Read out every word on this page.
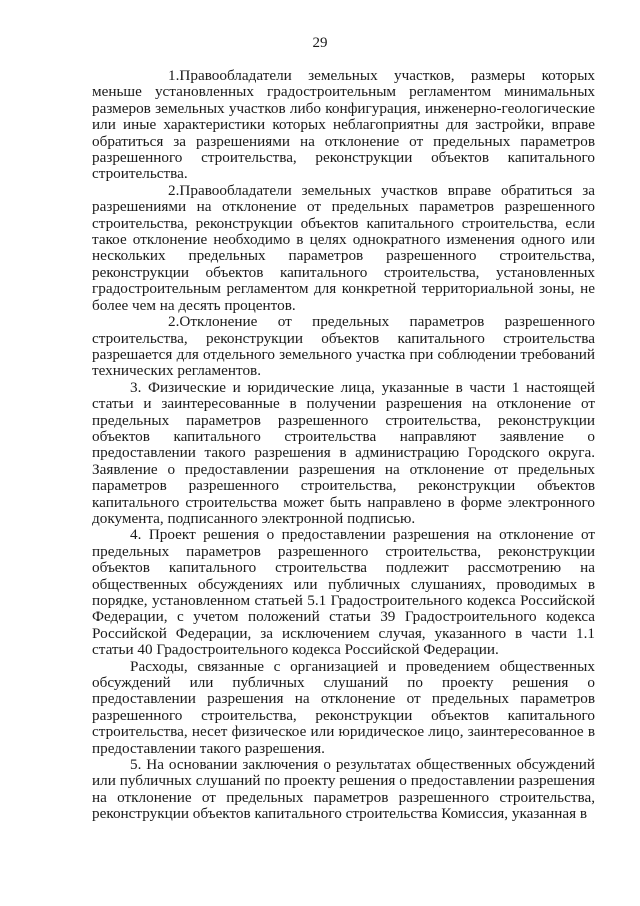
29

1.Правообладатели земельных участков, размеры которых меньше установленных градостроительным регламентом минимальных размеров земельных участков либо конфигурация, инженерно-геологические или иные характеристики которых неблагоприятны для застройки, вправе обратиться за разрешениями на отклонение от предельных параметров разрешенного строительства, реконструкции объектов капитального строительства.

2.Правообладатели земельных участков вправе обратиться за разрешениями на отклонение от предельных параметров разрешенного строительства, реконструкции объектов капитального строительства, если такое отклонение необходимо в целях однократного изменения одного или нескольких предельных параметров разрешенного строительства, реконструкции объектов капитального строительства, установленных градостроительным регламентом для конкретной территориальной зоны, не более чем на десять процентов.

2.Отклонение от предельных параметров разрешенного строительства, реконструкции объектов капитального строительства разрешается для отдельного земельного участка при соблюдении требований технических регламентов.

3. Физические и юридические лица, указанные в части 1 настоящей статьи и заинтересованные в получении разрешения на отклонение от предельных параметров разрешенного строительства, реконструкции объектов капитального строительства направляют заявление о предоставлении такого разрешения в администрацию Городского округа. Заявление о предоставлении разрешения на отклонение от предельных параметров разрешенного строительства, реконструкции объектов капитального строительства может быть направлено в форме электронного документа, подписанного электронной подписью.

4. Проект решения о предоставлении разрешения на отклонение от предельных параметров разрешенного строительства, реконструкции объектов капитального строительства подлежит рассмотрению на общественных обсуждениях или публичных слушаниях, проводимых в порядке, установленном статьей 5.1 Градостроительного кодекса Российской Федерации, с учетом положений статьи 39 Градостроительного кодекса Российской Федерации, за исключением случая, указанного в части 1.1 статьи 40 Градостроительного кодекса Российской Федерации.

Расходы, связанные с организацией и проведением общественных обсуждений или публичных слушаний по проекту решения о предоставлении разрешения на отклонение от предельных параметров разрешенного строительства, реконструкции объектов капитального строительства, несет физическое или юридическое лицо, заинтересованное в предоставлении такого разрешения.

5. На основании заключения о результатах общественных обсуждений или публичных слушаний по проекту решения о предоставлении разрешения на отклонение от предельных параметров разрешенного строительства, реконструкции объектов капитального строительства Комиссия, указанная в
